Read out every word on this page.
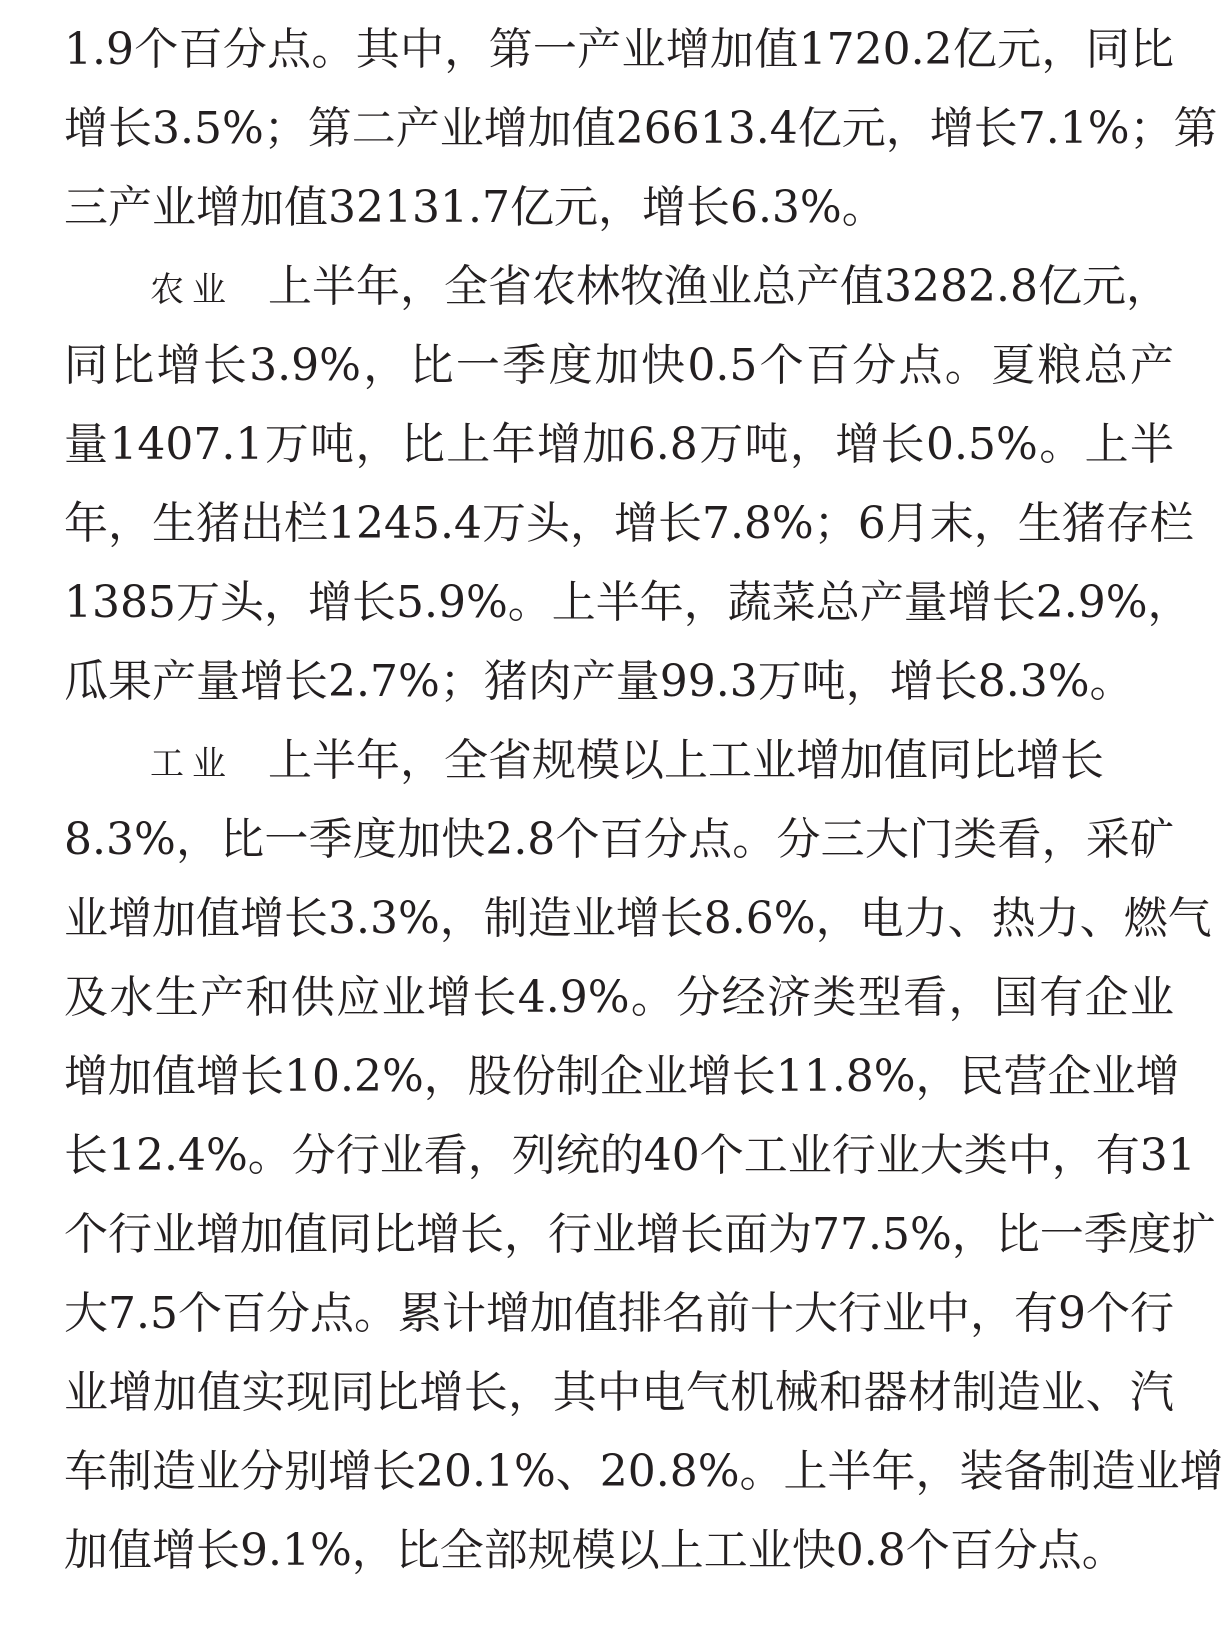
1.9个百分点。其中，第一产业增加值1720.2亿元，同比
增长3.5%；第二产业增加值26613.4亿元，增长7.1%；第
三产业增加值32131.7亿元，增长6.3%。
农业 上半年，全省农林牧渔业总产值3282.8亿元，
同比增长3.9%，比一季度加快0.5个百分点。夏粮总产
量1407.1万吨，比上年增加6.8万吨，增长0.5%。上半
年，生猪出栏1245.4万头，增长7.8%；6月末，生猪存栏
1385万头，增长5.9%。上半年，蔬菜总产量增长2.9%，
瓜果产量增长2.7%；猪肉产量99.3万吨，增长8.3%。
工业 上半年，全省规模以上工业增加值同比增长
8.3%，比一季度加快2.8个百分点。分三大门类看，采矿
业增加值增长3.3%，制造业增长8.6%，电力、热力、燃气
及水生产和供应业增长4.9%。分经济类型看，国有企业
增加值增长10.2%，股份制企业增长11.8%，民营企业增
长12.4%。分行业看，列统的40个工业行业大类中，有31
个行业增加值同比增长，行业增长面为77.5%，比一季度扩
大7.5个百分点。累计增加值排名前十大行业中，有9个行
业增加值实现同比增长，其中电气机械和器材制造业、汽
车制造业分别增长20.1%、20.8%。上半年，装备制造业增
加值增长9.1%，比全部规模以上工业快0.8个百分点。
